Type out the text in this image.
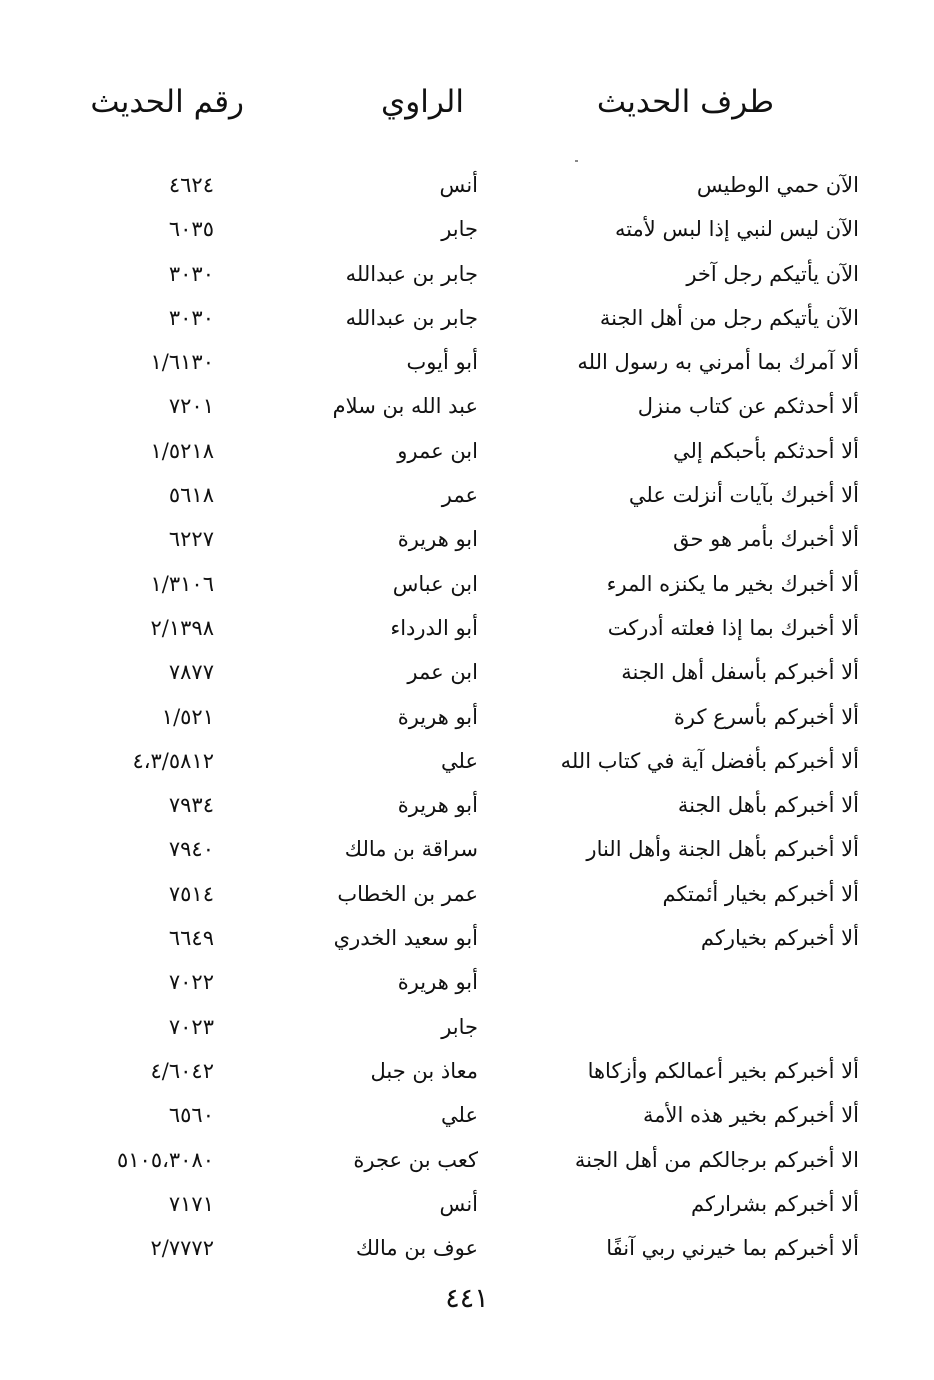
طرف الحديث
الراوي
رقم الحديث
الآن حمي الوطيس
أنس
٤٦٢٤
الآن ليس لنبي إذا لبس لأمته
جابر
٦٠٣٥
الآن يأتيكم رجل آخر
جابر بن عبدالله
٣٠٣٠
الآن يأتيكم رجل من أهل الجنة
جابر بن عبدالله
٣٠٣٠
ألا آمرك بما أمرني به رسول الله
أبو أيوب
١/٦١٣٠
ألا أحدثكم عن كتاب منزل
عبد الله بن سلام
٧٢٠١
ألا أحدثكم بأحبكم إلي
ابن عمرو
١/٥٢١٨
ألا أخبرك بآيات أنزلت علي
عمر
٥٦١٨
ألا أخبرك بأمر هو حق
ابو هريرة
٦٢٢٧
ألا أخبرك بخير ما يكنزه المرء
ابن عباس
١/٣١٠٦
ألا أخبرك بما إذا فعلته أدركت
أبو الدرداء
٢/١٣٩٨
ألا أخبركم بأسفل أهل الجنة
ابن عمر
٧٨٧٧
ألا أخبركم بأسرع كرة
أبو هريرة
١/٥٢١
ألا أخبركم بأفضل آية في كتاب الله
علي
٤،٣/٥٨١٢
ألا أخبركم بأهل الجنة
أبو هريرة
٧٩٣٤
ألا أخبركم بأهل الجنة وأهل النار
سراقة بن مالك
٧٩٤٠
ألا أخبركم بخيار أئمتكم
عمر بن الخطاب
٧٥١٤
ألا أخبركم بخياركم
أبو سعيد الخدري
٦٦٤٩
أبو هريرة
٧٠٢٢
جابر
٧٠٢٣
ألا أخبركم بخير أعمالكم وأزكاها
معاذ بن جبل
٤/٦٠٤٢
ألا أخبركم بخير هذه الأمة
علي
٦٥٦٠
الا أخبركم برجالكم من أهل الجنة
كعب بن عجرة
٥١٠٥،٣٠٨٠
ألا أخبركم بشراركم
أنس
٧١٧١
ألا أخبركم بما خيرني ربي آنفًا
عوف بن مالك
٢/٧٧٧٢
٤٤١
